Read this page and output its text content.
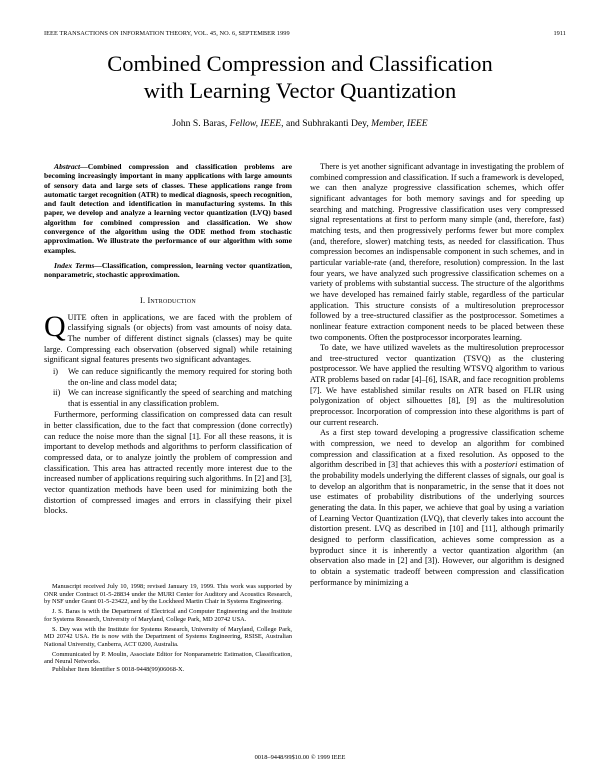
IEEE TRANSACTIONS ON INFORMATION THEORY, VOL. 45, NO. 6, SEPTEMBER 1999	1911
Combined Compression and Classification
with Learning Vector Quantization
John S. Baras, Fellow, IEEE, and Subhrakanti Dey, Member, IEEE

Abstract—Combined compression and classification problems are becoming increasingly important in many applications with large amounts of sensory data and large sets of classes. These applications range from automatic target recognition (ATR) to medical diagnosis, speech recognition, and fault detection and identification in manufacturing systems. In this paper, we develop and analyze a learning vector quantization (LVQ) based algorithm for combined compression and classification. We show convergence of the algorithm using the ODE method from stochastic approximation. We illustrate the performance of our algorithm with some examples.

Index Terms—Classification, compression, learning vector quantization, nonparametric, stochastic approximation.

I. Introduction

QUITE often in applications, we are faced with the problem of classifying signals (or objects) from vast amounts of noisy data. The number of different distinct signals (classes) may be quite large. Compressing each observation (observed signal) while retaining significant signal features presents two significant advantages.

i) We can reduce significantly the memory required for storing both the on-line and class model data;
ii) We can increase significantly the speed of searching and matching that is essential in any classification problem.

Furthermore, performing classification on compressed data can result in better classification, due to the fact that compression (done correctly) can reduce the noise more than the signal [1]. For all these reasons, it is important to develop methods and algorithms to perform classification of compressed data, or to analyze jointly the problem of compression and classification. This area has attracted recently more interest due to the increased number of applications requiring such algorithms. In [2] and [3], vector quantization methods have been used for minimizing both the distortion of compressed images and errors in classifying their pixel blocks.

Manuscript received July 10, 1998; revised January 19, 1999. This work was supported by ONR under Contract 01-5-28834 under the MURI Center for Auditory and Acoustics Research, by NSF under Grant 01-5-23422, and by the Lockheed Martin Chair in Systems Engineering.

J. S. Baras is with the Department of Electrical and Computer Engineering and the Institute for Systems Research, University of Maryland, College Park, MD 20742 USA.

S. Dey was with the Institute for Systems Research, University of Maryland, College Park, MD 20742 USA. He is now with the Department of Systems Engineering, RSISE, Australian National University, Canberra, ACT 0200, Australia.

Communicated by P. Moulin, Associate Editor for Nonparametric Estimation, Classification, and Neural Networks.

Publisher Item Identifier S 0018-9448(99)06068-X.

There is yet another significant advantage in investigating the problem of combined compression and classification. If such a framework is developed, we can then analyze progressive classification schemes, which offer significant advantages for both memory savings and for speeding up searching and matching. Progressive classification uses very compressed signal representations at first to perform many simple (and, therefore, fast) matching tests, and then progressively performs fewer but more complex (and, therefore, slower) matching tests, as needed for classification. Thus compression becomes an indispensable component in such schemes, and in particular variable-rate (and, therefore, resolution) compression. In the last four years, we have analyzed such progressive classification schemes on a variety of problems with substantial success. The structure of the algorithms we have developed has remained fairly stable, regardless of the particular application. This structure consists of a multiresolution preprocessor followed by a tree-structured classifier as the postprocessor. Sometimes a nonlinear feature extraction component needs to be placed between these two components. Often the postprocessor incorporates learning.

To date, we have utilized wavelets as the multiresolution preprocessor and tree-structured vector quantization (TSVQ) as the clustering postprocessor. We have applied the resulting WTSVQ algorithm to various ATR problems based on radar [4]–[6], ISAR, and face recognition problems [7]. We have established similar results on ATR based on FLIR using polygonization of object silhouettes [8], [9] as the multiresolution preprocessor. Incorporation of compression into these algorithms is part of our current research.

As a first step toward developing a progressive classification scheme with compression, we need to develop an algorithm for combined compression and classification at a fixed resolution. As opposed to the algorithm described in [3] that achieves this with a posteriori estimation of the probability models underlying the different classes of signals, our goal is to develop an algorithm that is nonparametric, in the sense that it does not use estimates of probability distributions of the underlying sources generating the data. In this paper, we achieve that goal by using a variation of Learning Vector Quantization (LVQ), that cleverly takes into account the distortion present. LVQ as described in [10] and [11], although primarily designed to perform classification, achieves some compression as a byproduct since it is inherently a vector quantization algorithm (an observation also made in [2] and [3]). However, our algorithm is designed to obtain a systematic tradeoff between compression and classification performance by minimizing a

0018–9448/99$10.00 © 1999 IEEE
